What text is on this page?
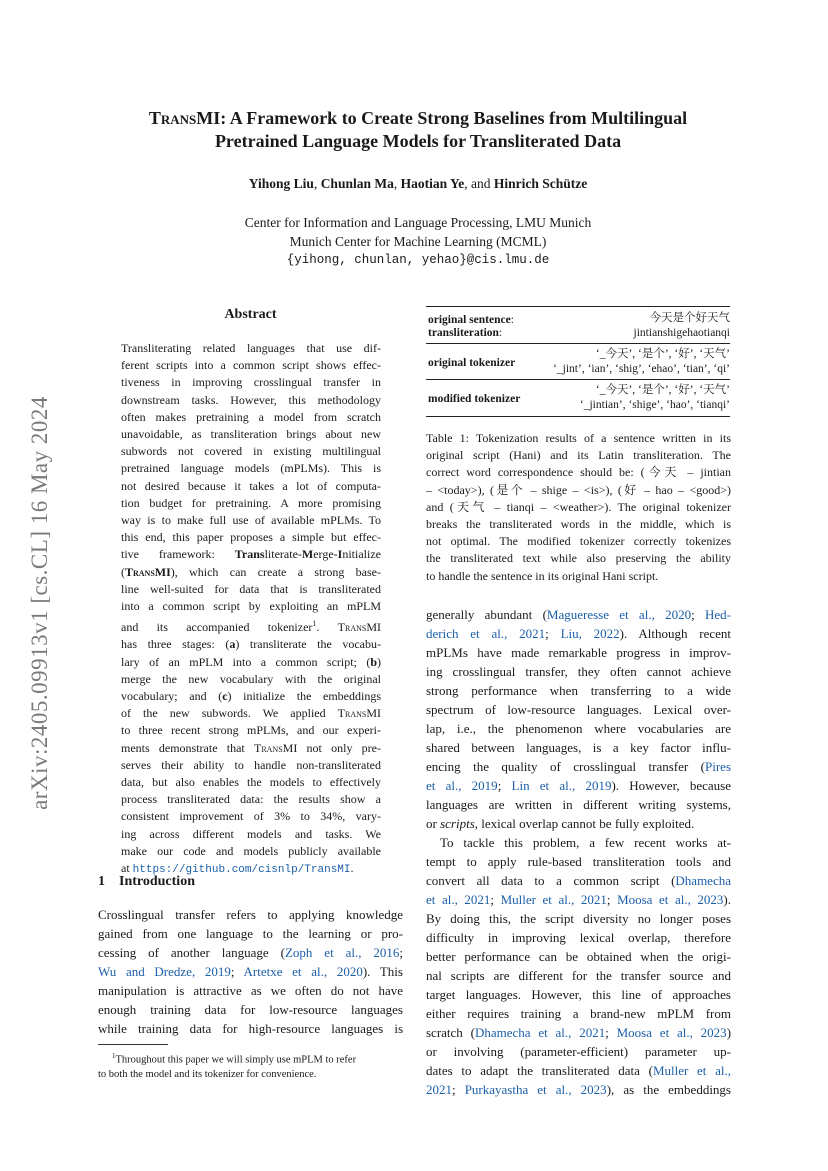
arXiv:2405.09913v1 [cs.CL] 16 May 2024
TransMI: A Framework to Create Strong Baselines from Multilingual
Pretrained Language Models for Transliterated Data
Yihong Liu, Chunlan Ma, Haotian Ye, and Hinrich Schütze
Center for Information and Language Processing, LMU Munich
Munich Center for Machine Learning (MCML)
{yihong, chunlan, yehao}@cis.lmu.de
Abstract
Transliterating related languages that use dif-
ferent scripts into a common script shows effec-
tiveness in improving crosslingual transfer in
downstream tasks. However, this methodology
often makes pretraining a model from scratch
unavoidable, as transliteration brings about new
subwords not covered in existing multilingual
pretrained language models (mPLMs). This is
not desired because it takes a lot of computa-
tion budget for pretraining. A more promising
way is to make full use of available mPLMs. To
this end, this paper proposes a simple but effec-
tive framework: Transliterate-Merge-Initialize
(TransMI), which can create a strong base-
line well-suited for data that is transliterated
into a common script by exploiting an mPLM
and its accompanied tokenizer$^1$. TransMI
has three stages: (a) transliterate the vocabu-
lary of an mPLM into a common script; (b)
merge the new vocabulary with the original
vocabulary; and (c) initialize the embeddings
of the new subwords. We applied TransMI
to three recent strong mPLMs, and our experi-
ments demonstrate that TransMI not only pre-
serves their ability to handle non-transliterated
data, but also enables the models to effectively
process transliterated data: the results show a
consistent improvement of 3% to 34%, vary-
ing across different models and tasks. We
make our code and models publicly available
at https://github.com/cisnlp/TransMI.
1 Introduction
Crosslingual transfer refers to applying knowledge
gained from one language to the learning or pro-
cessing of another language (Zoph et al., 2016;
Wu and Dredze, 2019; Artetxe et al., 2020). This
manipulation is attractive as we often do not have
enough training data for low-resource languages
while training data for high-resource languages is
$^1$Throughout this paper we will simply use mPLM to refer
to both the model and its tokenizer for convenience.
original sentence:	今天是个好天气
transliteration:	jintianshigehaotianqi
original tokenizer
‘_今天’, ‘是个’, ‘好’, ‘天气’
‘_jint’, ‘ian’, ‘shig’, ‘ehao’, ‘tian’, ‘qi’
modified tokenizer
‘_今天’, ‘是个’, ‘好’, ‘天气’
‘_jintian’, ‘shige’, ‘hao’, ‘tianqi’
Table 1: Tokenization results of a sentence written in its
original script (Hani) and its Latin transliteration. The
correct word correspondence should be: (今天 – jintian
– <today>), (是个 – shige – <is>), (好 – hao – <good>)
and (天气 – tianqi – <weather>). The original tokenizer
breaks the transliterated words in the middle, which is
not optimal. The modified tokenizer correctly tokenizes
the transliterated text while also preserving the ability
to handle the sentence in its original Hani script.
generally abundant (Magueresse et al., 2020; Hed-
derich et al., 2021; Liu, 2022). Although recent
mPLMs have made remarkable progress in improv-
ing crosslingual transfer, they often cannot achieve
strong performance when transferring to a wide
spectrum of low-resource languages. Lexical over-
lap, i.e., the phenomenon where vocabularies are
shared between languages, is a key factor influ-
encing the quality of crosslingual transfer (Pires
et al., 2019; Lin et al., 2019). However, because
languages are written in different writing systems,
or scripts, lexical overlap cannot be fully exploited.
To tackle this problem, a few recent works at-
tempt to apply rule-based transliteration tools and
convert all data to a common script (Dhamecha
et al., 2021; Muller et al., 2021; Moosa et al., 2023).
By doing this, the script diversity no longer poses
difficulty in improving lexical overlap, therefore
better performance can be obtained when the origi-
nal scripts are different for the transfer source and
target languages. However, this line of approaches
either requires training a brand-new mPLM from
scratch (Dhamecha et al., 2021; Moosa et al., 2023)
or involving (parameter-efficient) parameter up-
dates to adapt the transliterated data (Muller et al.,
2021; Purkayastha et al., 2023), as the embeddings
